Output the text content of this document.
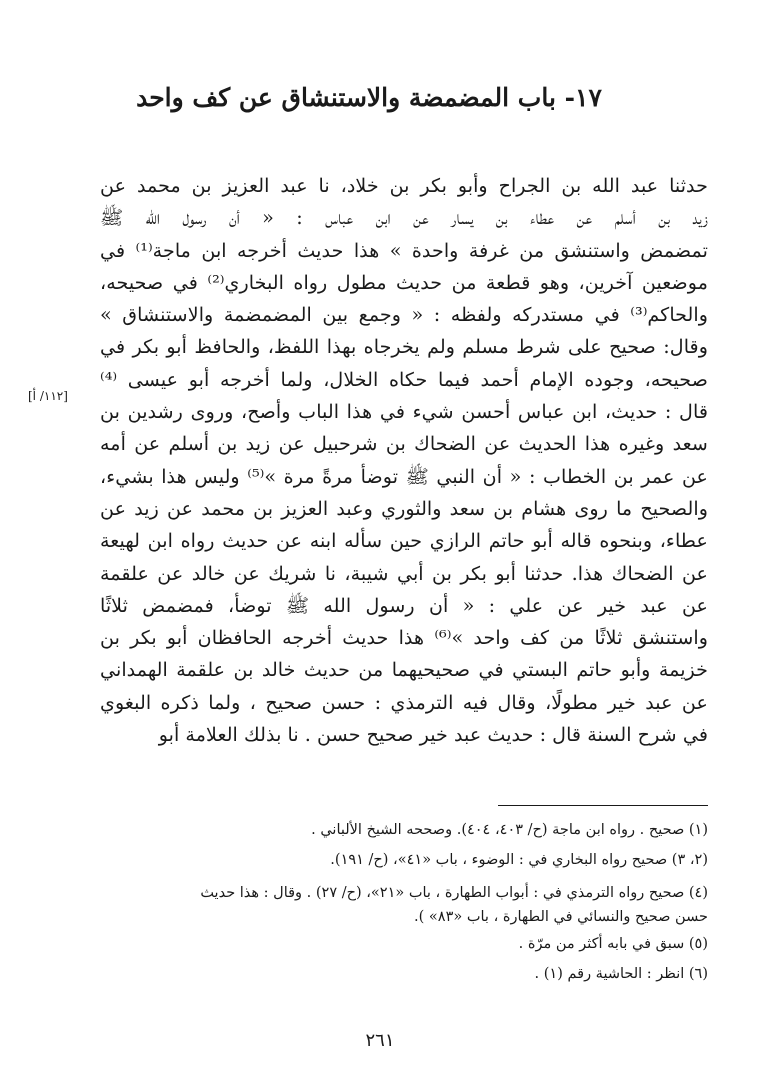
١٧- باب المضمضة والاستنشاق عن كف واحد
حدثنا عبد الله بن الجراح وأبو بكر بن خلاد، نا عبد العزيز بن محمد عن
زيد بن أسلم عن عطاء بن يسار عن ابن عباس : « أن رسول الله ﷺ
تمضمض واستنشق من غرفة واحدة » هذا حديث أخرجه ابن ماجة⁽¹⁾ في
موضعين آخرين، وهو قطعة من حديث مطول رواه البخاري⁽²⁾ في صحيحه،
والحاكم⁽³⁾ في مستدركه ولفظه : « وجمع بين المضمضمة والاستنشاق »
وقال: صحيح على شرط مسلم ولم يخرجاه بهذا اللفظ، والحافظ أبو بكر في
صحيحه، وجوده الإمام أحمد فيما حكاه الخلال، ولما أخرجه أبو عيسى ⁽⁴⁾
قال : حديث، ابن عباس أحسن شيء في هذا الباب وأصح، وروى رشدين بن
سعد وغيره هذا الحديث عن الضحاك بن شرحبيل عن زيد بن أسلم عن أمه
عن عمر بن الخطاب : « أن النبي ﷺ توضأ مرةً مرة »⁽⁵⁾ وليس هذا بشيء،
والصحيح ما روى هشام بن سعد والثوري وعبد العزيز بن محمد عن زيد عن
عطاء، وبنحوه قاله أبو حاتم الرازي حين سأله ابنه عن حديث رواه ابن لهيعة
عن الضحاك هذا. حدثنا أبو بكر بن أبي شيبة، نا شريك عن خالد عن علقمة
عن عبد خير عن علي : « أن رسول الله ﷺ توضأ، فمضمض ثلاثًا
واستنشق ثلاثًا من كف واحد »⁽⁶⁾ هذا حديث أخرجه الحافظان أبو بكر بن
خزيمة وأبو حاتم البستي في صحيحيهما من حديث خالد بن علقمة الهمداني
عن عبد خير مطولًا، وقال فيه الترمذي : حسن صحيح ، ولما ذكره البغوي
في شرح السنة قال : حديث عبد خير صحيح حسن . نا بذلك العلامة أبو
[١١٢/ أ]
(١) صحيح . رواه ابن ماجة (ح/ ٤٠٣، ٤٠٤). وصححه الشيخ الألباني .
(٢، ٣) صحيح رواه البخاري في : الوضوء ، باب «٤١»، (ح/ ١٩١).
(٤) صحيح رواه الترمذي في : أبواب الطهارة ، باب «٢١»، (ح/ ٢٧) . وقال : هذا حديث
حسن صحيح والنسائي في الطهارة ، باب «٨٣» ).
(٥) سبق في بابه أكثر من مرّة .
(٦) انظر : الحاشية رقم (١) .
٢٦١
